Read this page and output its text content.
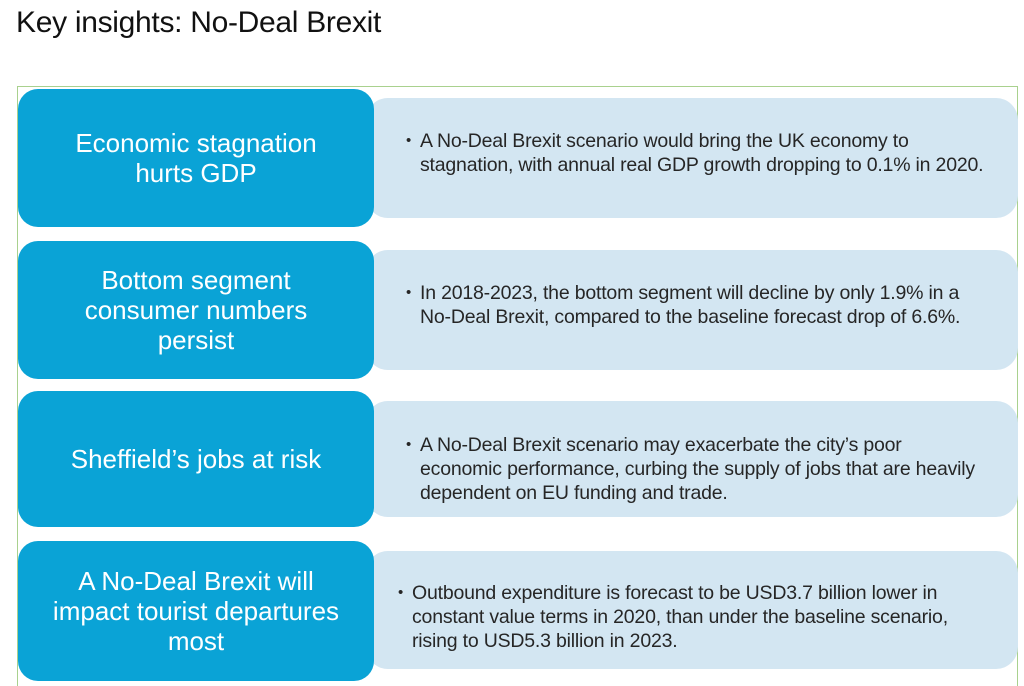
Key insights: No-Deal Brexit
• A No-Deal Brexit scenario would bring the UK economy to stagnation, with annual real GDP growth dropping to 0.1% in 2020.
Economic stagnation
hurts GDP
• In 2018-2023, the bottom segment will decline by only 1.9% in a No-Deal Brexit, compared to the baseline forecast drop of 6.6%.
Bottom segment
consumer numbers
persist
• A No-Deal Brexit scenario may exacerbate the city’s poor economic performance, curbing the supply of jobs that are heavily dependent on EU funding and trade.
Sheffield’s jobs at risk
• Outbound expenditure is forecast to be USD3.7 billion lower in constant value terms in 2020, than under the baseline scenario, rising to USD5.3 billion in 2023.
A No-Deal Brexit will
impact tourist departures
most
